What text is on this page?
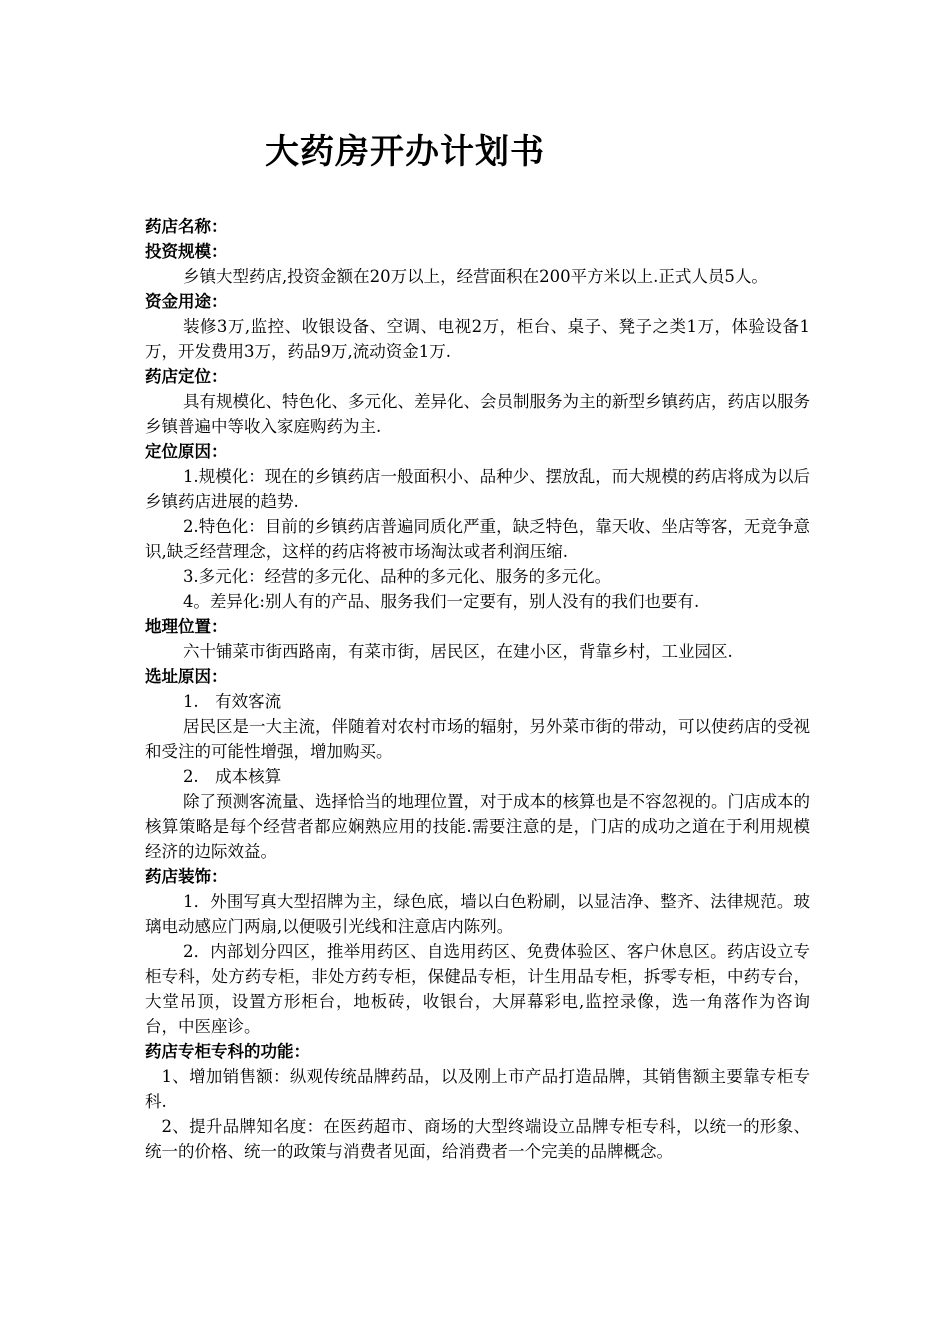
大药房开办计划书

药店名称：

投资规模：

乡镇大型药店,投资金额在20万以上，经营面积在200平方米以上.正式人员5人。

资金用途：

装修3万,监控、收银设备、空调、电视2万，柜台、桌子、凳子之类1万，体验设备1万，开发费用3万，药品9万,流动资金1万.

药店定位：

具有规模化、特色化、多元化、差异化、会员制服务为主的新型乡镇药店，药店以服务乡镇普遍中等收入家庭购药为主.

定位原因：

1.规模化：现在的乡镇药店一般面积小、品种少、摆放乱，而大规模的药店将成为以后乡镇药店进展的趋势.

2.特色化：目前的乡镇药店普遍同质化严重，缺乏特色，靠天收、坐店等客，无竞争意识,缺乏经营理念，这样的药店将被市场淘汰或者利润压缩.

3.多元化：经营的多元化、品种的多元化、服务的多元化。

4。差异化:别人有的产品、服务我们一定要有，别人没有的我们也要有.

地理位置：

六十铺菜市街西路南，有菜市街，居民区，在建小区，背靠乡村，工业园区.

选址原因：

1.　有效客流

居民区是一大主流，伴随着对农村市场的辐射，另外菜市街的带动，可以使药店的受视和受注的可能性增强，增加购买。

2.　成本核算

除了预测客流量、选择恰当的地理位置，对于成本的核算也是不容忽视的。门店成本的核算策略是每个经营者都应娴熟应用的技能.需要注意的是，门店的成功之道在于利用规模经济的边际效益。

药店装饰：

1．外围写真大型招牌为主，绿色底，墙以白色粉刷，以显洁净、整齐、法律规范。玻璃电动感应门两扇,以便吸引光线和注意店内陈列。

2．内部划分四区，推举用药区、自选用药区、免费体验区、客户休息区。药店设立专柜专科，处方药专柜，非处方药专柜，保健品专柜，计生用品专柜，拆零专柜，中药专台，大堂吊顶，设置方形柜台，地板砖，收银台，大屏幕彩电,监控录像，选一角落作为咨询台，中医座诊。

药店专柜专科的功能：

1、增加销售额：纵观传统品牌药品，以及刚上市产品打造品牌，其销售额主要靠专柜专科.

2、提升品牌知名度：在医药超市、商场的大型终端设立品牌专柜专科，以统一的形象、统一的价格、统一的政策与消费者见面，给消费者一个完美的品牌概念。
